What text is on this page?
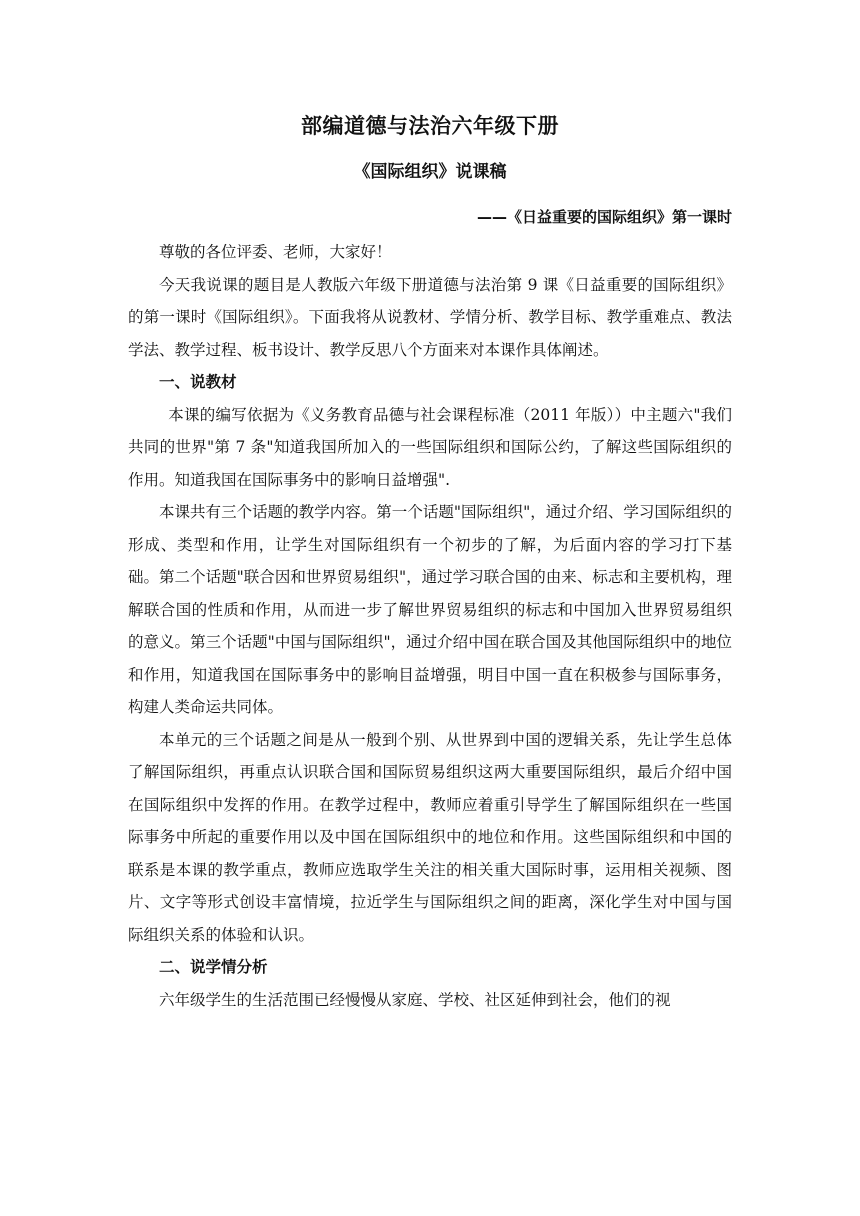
部编道德与法治六年级下册
《国际组织》说课稿
——《日益重要的国际组织》第一课时

尊敬的各位评委、老师，大家好！

今天我说课的题目是人教版六年级下册道德与法治第 9 课《日益重要的国际组织》的第一课时《国际组织》。下面我将从说教材、学情分析、教学目标、教学重难点、教法学法、教学过程、板书设计、教学反思八个方面来对本课作具体阐述。

一、说教材

本课的编写依据为《义务教育品德与社会课程标准（2011 年版））中主题六"我们共同的世界"第 7 条"知道我国所加入的一些国际组织和国际公约，了解这些国际组织的作用。知道我国在国际事务中的影响日益增强".

本课共有三个话题的教学内容。第一个话题"国际组织"，通过介绍、学习国际组织的形成、类型和作用，让学生对国际组织有一个初步的了解，为后面内容的学习打下基础。第二个话题"联合因和世界贸易组织"，通过学习联合国的由来、标志和主要机构，理解联合国的性质和作用，从而进一步了解世界贸易组织的标志和中国加入世界贸易组织的意义。第三个话题"中国与国际组织"，通过介绍中国在联合国及其他国际组织中的地位和作用，知道我国在国际事务中的影响目益增强，明目中国一直在积极参与国际事务，构建人类命运共同体。

本单元的三个话题之间是从一般到个别、从世界到中国的逻辑关系，先让学生总体了解国际组织，再重点认识联合国和国际贸易组织这两大重要国际组织，最后介绍中国在国际组织中发挥的作用。在教学过程中，教师应着重引导学生了解国际组织在一些国际事务中所起的重要作用以及中国在国际组织中的地位和作用。这些国际组织和中国的联系是本课的教学重点，教师应选取学生关注的相关重大国际时事，运用相关视频、图片、文字等形式创设丰富情境，拉近学生与国际组织之间的距离，深化学生对中国与国际组织关系的体验和认识。

二、说学情分析

六年级学生的生活范围已经慢慢从家庭、学校、社区延伸到社会，他们的视
